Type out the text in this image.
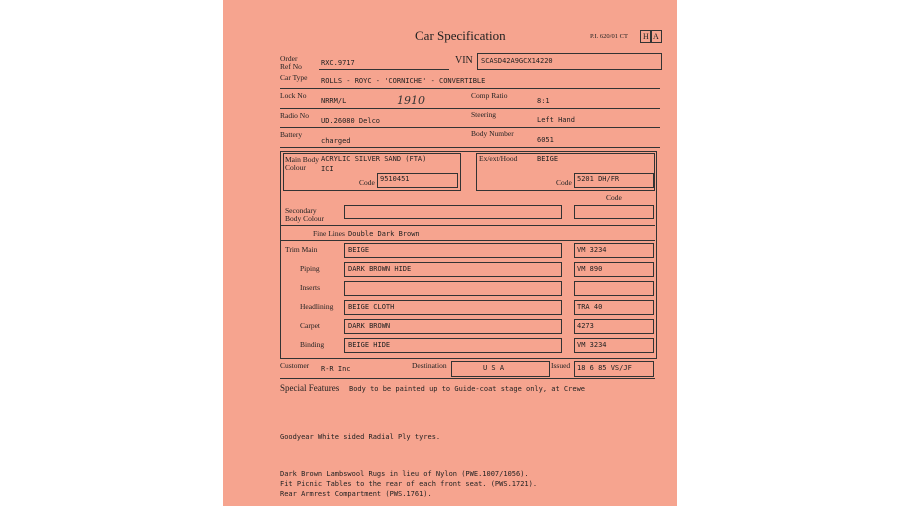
Car Specification	P.I. 620/01 CT H A
Order
Ref No	RXC.9717	VIN SCASD42A9GCX14220
Car Type ROLLS - ROYC - 'CORNICHE' - CONVERTIBLE
Lock No
NRRM/L	1910	Comp Ratio
8:1
Radio No
UD.26080 Delco
Steering
Left Hand
Battery
charged
Body Number
6051
Main Body
Colour
ACRYLIC SILVER SAND (FTA)
ICI
Code 9510451
Ex/ext/Hood	BEIGE
Code 5201 DH/FR
Code
Secondary
Body Colour
Fine Lines Double Dark Brown
Trim Main	BEIGE	VM 3234
Piping	DARK BROWN HIDE	VM 890
Inserts
Headlining BEIGE CLOTH	TRA 40
Carpet	DARK BROWN	4273
Binding	BEIGE HIDE	VM 3234
Customer R-R Inc	Destination	U S A	Issued 18 6 85 VS/JF
Special Features Body to be painted up to Guide-coat stage only, at Crewe
Goodyear White sided Radial Ply tyres.
Dark Brown Lambswool Rugs in lieu of Nylon (PWE.1007/1056).
Fit Picnic Tables to the rear of each front seat. (PWS.1721).
Rear Armrest Compartment (PWS.1761).
